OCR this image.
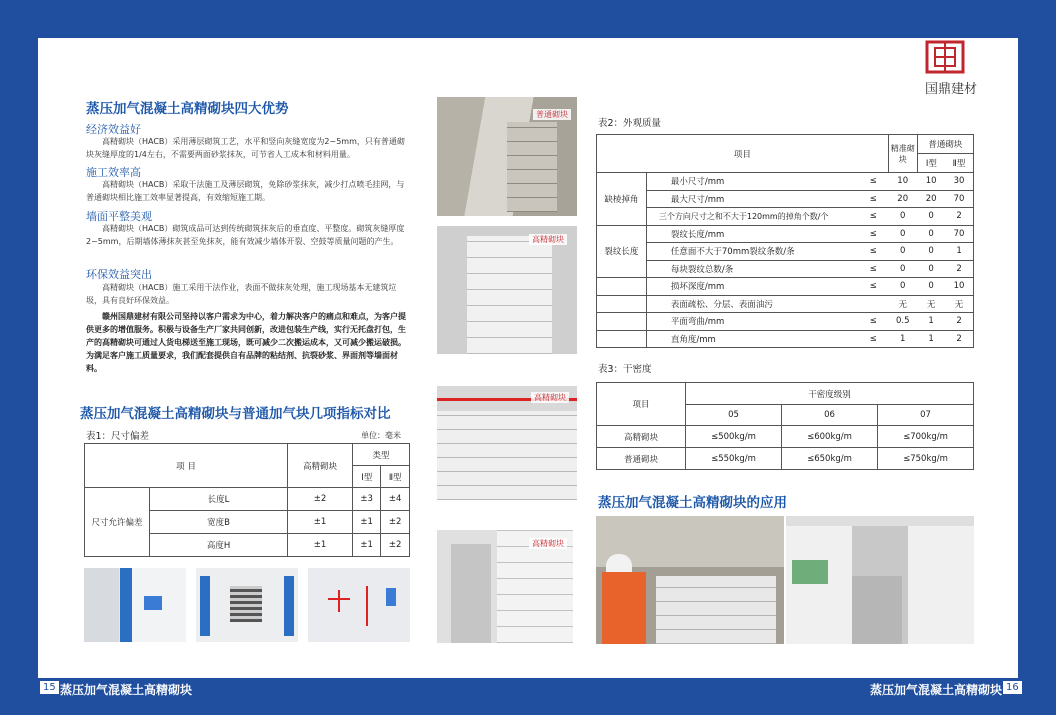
国鼎建材
蒸压加气混凝土高精砌块四大优势
经济效益好
高精砌块（HACB）采用薄层砌筑工艺，水平和竖向灰缝宽度为2~5mm，只有普通砌块灰缝厚度的1/4左右，不需要两面砂浆抹灰，可节省人工成本和材料用量。
施工效率高
高精砌块（HACB）采取干法施工及薄层砌筑，免除砂浆抹灰，减少打点喷毛挂网，与普通砌块相比施工效率显著提高，有效缩短施工期。
墙面平整美观
高精砌块（HACB）砌筑成品可达到传统砌筑抹灰后的垂直度、平整度。砌筑灰缝厚度2~5mm，后期墙体薄抹灰甚至免抹灰，能有效减少墙体开裂、空鼓等质量问题的产生。
环保效益突出
高精砌块（HACB）施工采用干法作业，表面不做抹灰处理，施工现场基本无建筑垃圾，具有良好环保效益。
赣州国鼎建材有限公司坚持以客户需求为中心，着力解决客户的痛点和难点，为客户提供更多的增值服务。积极与设备生产厂家共同创新，改进包装生产线，实行无托盘打包，生产的高精砌块可通过人货电梯送至施工现场，既可减少二次搬运成本，又可减少搬运破损。为满足客户施工质量要求，我们配套提供自有品牌的粘结剂、抗裂砂浆、界面剂等墙面材料。
蒸压加气混凝土高精砌块与普通加气块几项指标对比
表1：尺寸偏差	单位：毫米
项 目		高精砌块	类型	
			Ⅰ型	Ⅱ型
尺寸允许偏差	长度L	±2	±3	±4
	宽度B	±1	±1	±2
	高度H	±1	±1	±2
普通砌块
高精砌块
高精砌块
高精砌块
表2：外观质量
项目			精准砌块	普通砌块	
				Ⅰ型	Ⅱ型
缺棱掉角	最小尺寸/mm	≤	10	10	30
	最大尺寸/mm	≤	20	20	70
	三个方向尺寸之和不大于120mm的掉角个数/个	≤	0	0	2
裂纹长度	裂纹长度/mm	≤	0	0	70
	任意面不大于70mm裂纹条数/条	≤	0	0	1
	每块裂纹总数/条	≤	0	0	2
	损坏深度/mm	≤	0	0	10
	表面疏松、分层、表面油污		无	无	无
	平面弯曲/mm	≤	0.5	1	2
	直角度/mm	≤	1	1	2
表3：干密度
项目	干密度级别		
	05	06	07
高精砌块	≤500kg/m	≤600kg/m	≤700kg/m
普通砌块	≤550kg/m	≤650kg/m	≤750kg/m
蒸压加气混凝土高精砌块的应用
15 蒸压加气混凝土高精砌块	蒸压加气混凝土高精砌块 16
